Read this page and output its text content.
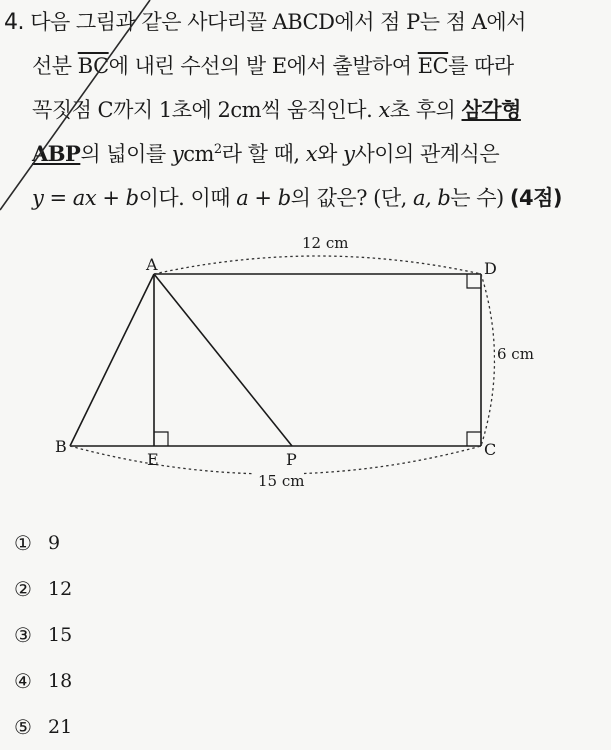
4. 다음 그림과 같은 사다리꼴 ABCD에서 점 P는 점 A에서
선분 $\overline{BC}$에 내린 수선의 발 E에서 출발하여 $\overline{EC}$를 따라
꼭짓점 C까지 1초에 2cm씩 움직인다. x초 후의 삼각형
ABP의 넓이를 ycm$^2$라 할 때, x와 y사이의 관계식은
y = ax + b이다. 이때 a + b의 값은? (단, a, b는 수) (4점)
12 cm
6 cm
15 cm
A	D
B	C
E	P
① 9
② 12
③ 15
④ 18
⑤ 21
